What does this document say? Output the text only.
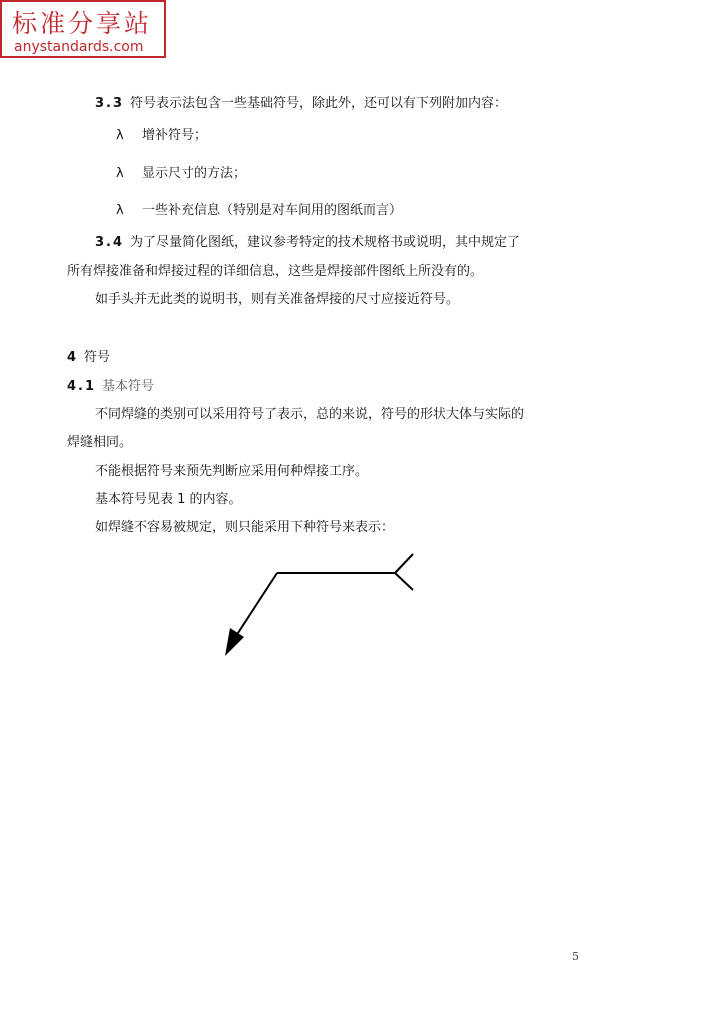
标准分享站
anystandards.com
3.3 符号表示法包含一些基础符号，除此外，还可以有下列附加内容：
λ 增补符号；
λ 显示尺寸的方法；
λ 一些补充信息（特别是对车间用的图纸而言）
3.4 为了尽量简化图纸，建议参考特定的技术规格书或说明，其中规定了
所有焊接准备和焊接过程的详细信息，这些是焊接部件图纸上所没有的。
如手头并无此类的说明书，则有关准备焊接的尺寸应接近符号。
4 符号
4.1 基本符号
不同焊缝的类别可以采用符号了表示，总的来说，符号的形状大体与实际的
焊缝相同。
不能根据符号来预先判断应采用何种焊接工序。
基本符号见表 1 的内容。
如焊缝不容易被规定，则只能采用下种符号来表示：
5
